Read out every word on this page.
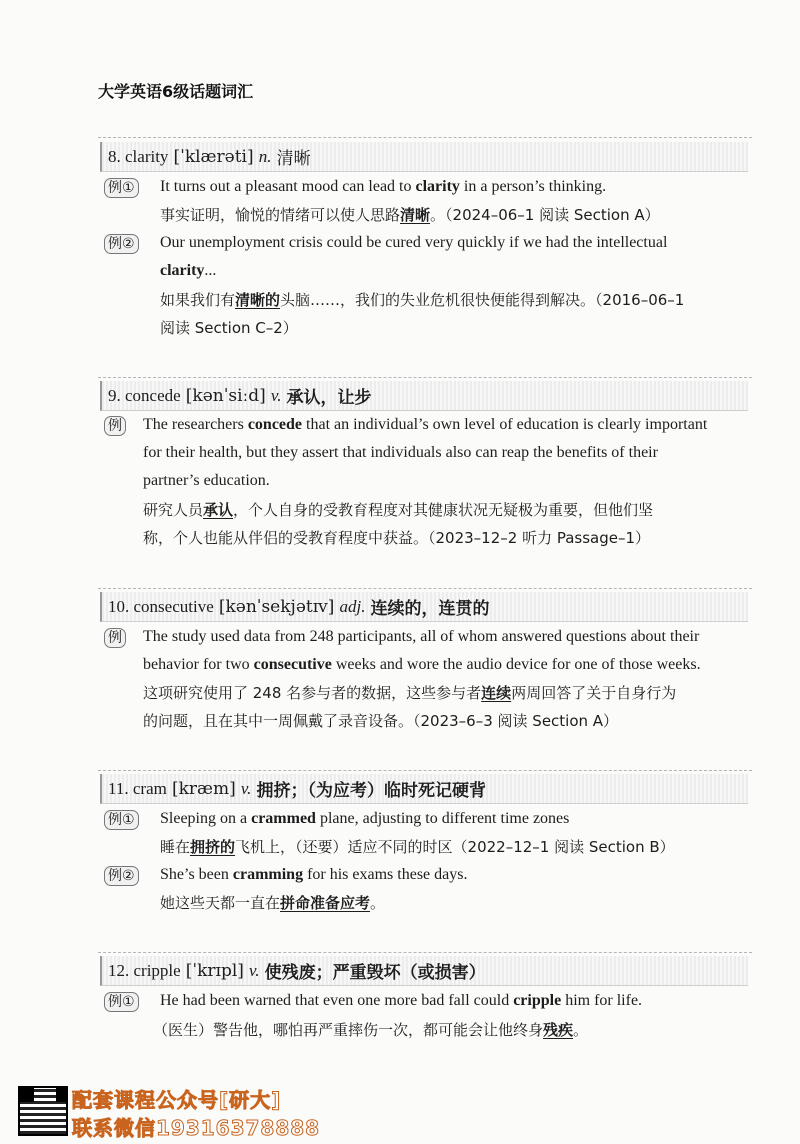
大学英语6级话题词汇
8. clarity
[ˈklærəti]
n.
清晰
例① It turns out a pleasant mood can lead to clarity in a person’s thinking.
事实证明，愉悦的情绪可以使人思路清晰。（2024–06–1 阅读 Section A）
例② Our unemployment crisis could be cured very quickly if we had the intellectual
clarity...
如果我们有清晰的头脑……，我们的失业危机很快便能得到解决。（2016–06–1
阅读 Section C–2）
9. concede
[kənˈsiːd]
v.
承认，让步
例 The researchers concede that an individual’s own level of education is clearly important
for their health, but they assert that individuals also can reap the benefits of their
partner’s education.
研究人员承认，个人自身的受教育程度对其健康状况无疑极为重要，但他们坚
称，个人也能从伴侣的受教育程度中获益。（2023–12–2 听力 Passage–1）
10. consecutive
[kənˈsekjətɪv]
adj.
连续的，连贯的
例 The study used data from 248 participants, all of whom answered questions about their
behavior for two consecutive weeks and wore the audio device for one of those weeks.
这项研究使用了 248 名参与者的数据，这些参与者连续两周回答了关于自身行为
的问题，且在其中一周佩戴了录音设备。（2023–6–3 阅读 Section A）
11. cram
[kræm]
v.
拥挤；（为应考）临时死记硬背
例① Sleeping on a crammed plane, adjusting to different time zones
睡在拥挤的飞机上，（还要）适应不同的时区（2022–12–1 阅读 Section B）
例② She’s been cramming for his exams these days.
她这些天都一直在拼命准备应考。
12. cripple
[ˈkrɪpl]
v.
使残废；严重毁坏（或损害）
例① He had been warned that even one more bad fall could cripple him for life.
（医生）警告他，哪怕再严重摔伤一次，都可能会让他终身残疾。
配套课程公众号[研大]
联系微信19316378888
